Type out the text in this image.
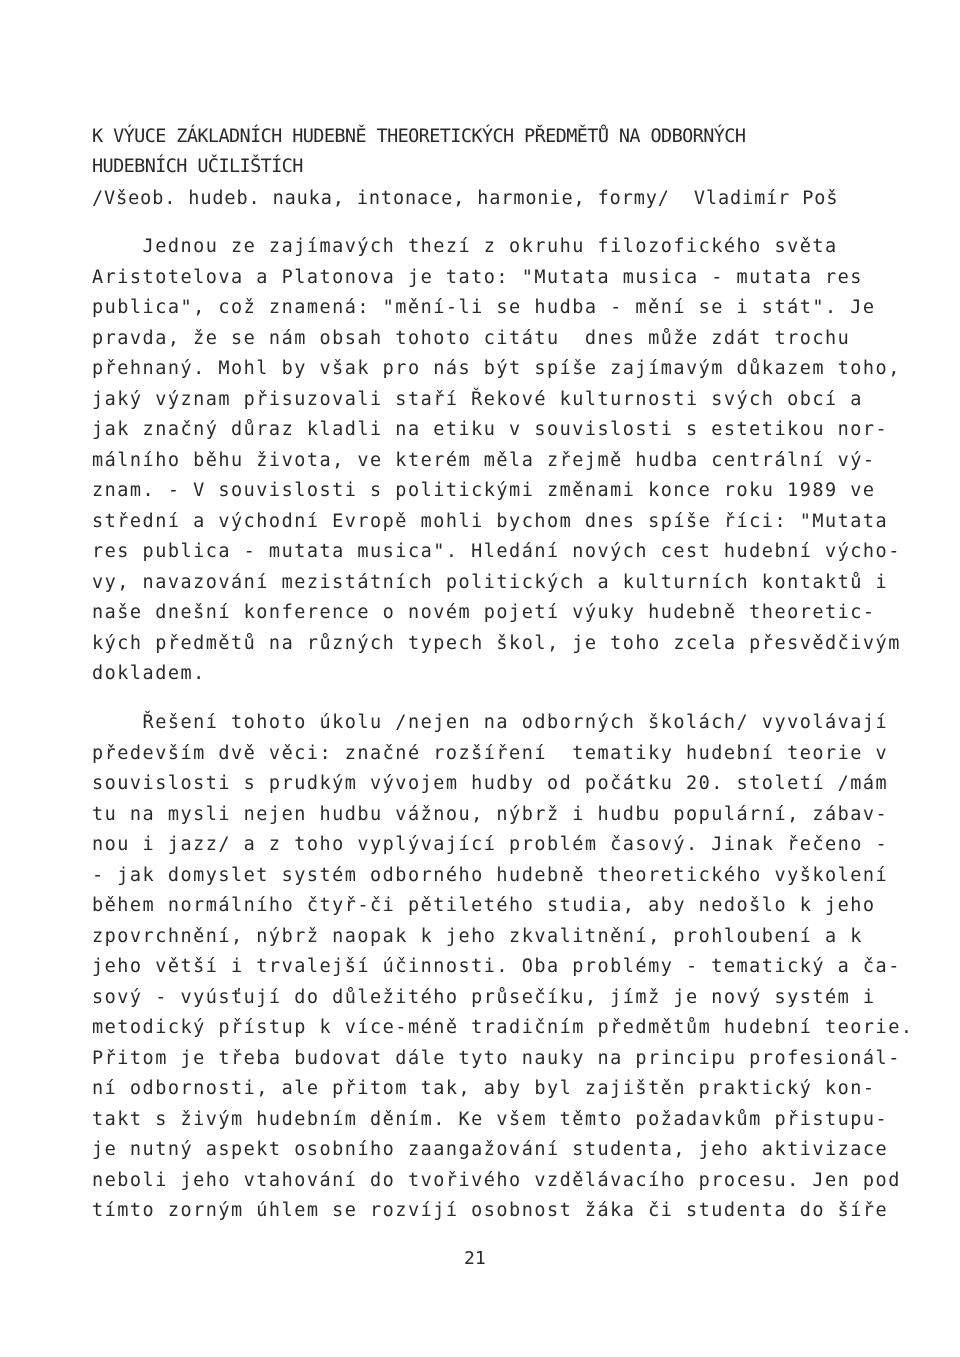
K VÝUCE ZÁKLADNÍCH HUDEBNĚ THEORETICKÝCH PŘEDMĚTŮ NA ODBORNÝCH
HUDEBNÍCH UČILIŠTÍCH
/Všeob. hudeb. nauka, intonace, harmonie, formy/  Vladimír Poš
Jednou ze zajímavých thezí z okruhu filozofického světa
Aristotelova a Platonova je tato: "Mutata musica - mutata res
publica", což znamená: "mění-li se hudba - mění se i stát". Je
pravda, že se nám obsah tohoto citátu  dnes může zdát trochu
přehnaný. Mohl by však pro nás být spíše zajímavým důkazem toho,
jaký význam přisuzovali staří Řekové kulturnosti svých obcí a
jak značný důraz kladli na etiku v souvislosti s estetikou nor-
málního běhu života, ve kterém měla zřejmě hudba centrální vý-
znam. - V souvislosti s politickými změnami konce roku 1989 ve
střední a východní Evropě mohli bychom dnes spíše říci: "Mutata
res publica - mutata musica". Hledání nových cest hudební výcho-
vy, navazování mezistátních politických a kulturních kontaktů i
naše dnešní konference o novém pojetí výuky hudebně theoretic-
kých předmětů na různých typech škol, je toho zcela přesvědčivým
dokladem.
Řešení tohoto úkolu /nejen na odborných školách/ vyvolávají
především dvě věci: značné rozšíření  tematiky hudební teorie v
souvislosti s prudkým vývojem hudby od počátku 20. století /mám
tu na mysli nejen hudbu vážnou, nýbrž i hudbu populární, zábav-
nou i jazz/ a z toho vyplývající problém časový. Jinak řečeno -
- jak domyslet systém odborného hudebně theoretického vyškolení
během normálního čtyř-či pětiletého studia, aby nedošlo k jeho
zpovrchnění, nýbrž naopak k jeho zkvalitnění, prohloubení a k
jeho větší i trvalejší účinnosti. Oba problémy - tematický a ča-
sový - vyúsťují do důležitého průsečíku, jímž je nový systém i
metodický přístup k více-méně tradičním předmětům hudební teorie.
Přitom je třeba budovat dále tyto nauky na principu profesionál-
ní odbornosti, ale přitom tak, aby byl zajištěn praktický kon-
takt s živým hudebním děním. Ke všem těmto požadavkům přistupu-
je nutný aspekt osobního zaangažování studenta, jeho aktivizace
neboli jeho vtahování do tvořivého vzdělávacího procesu. Jen pod
tímto zorným úhlem se rozvíjí osobnost žáka či studenta do šíře
21
